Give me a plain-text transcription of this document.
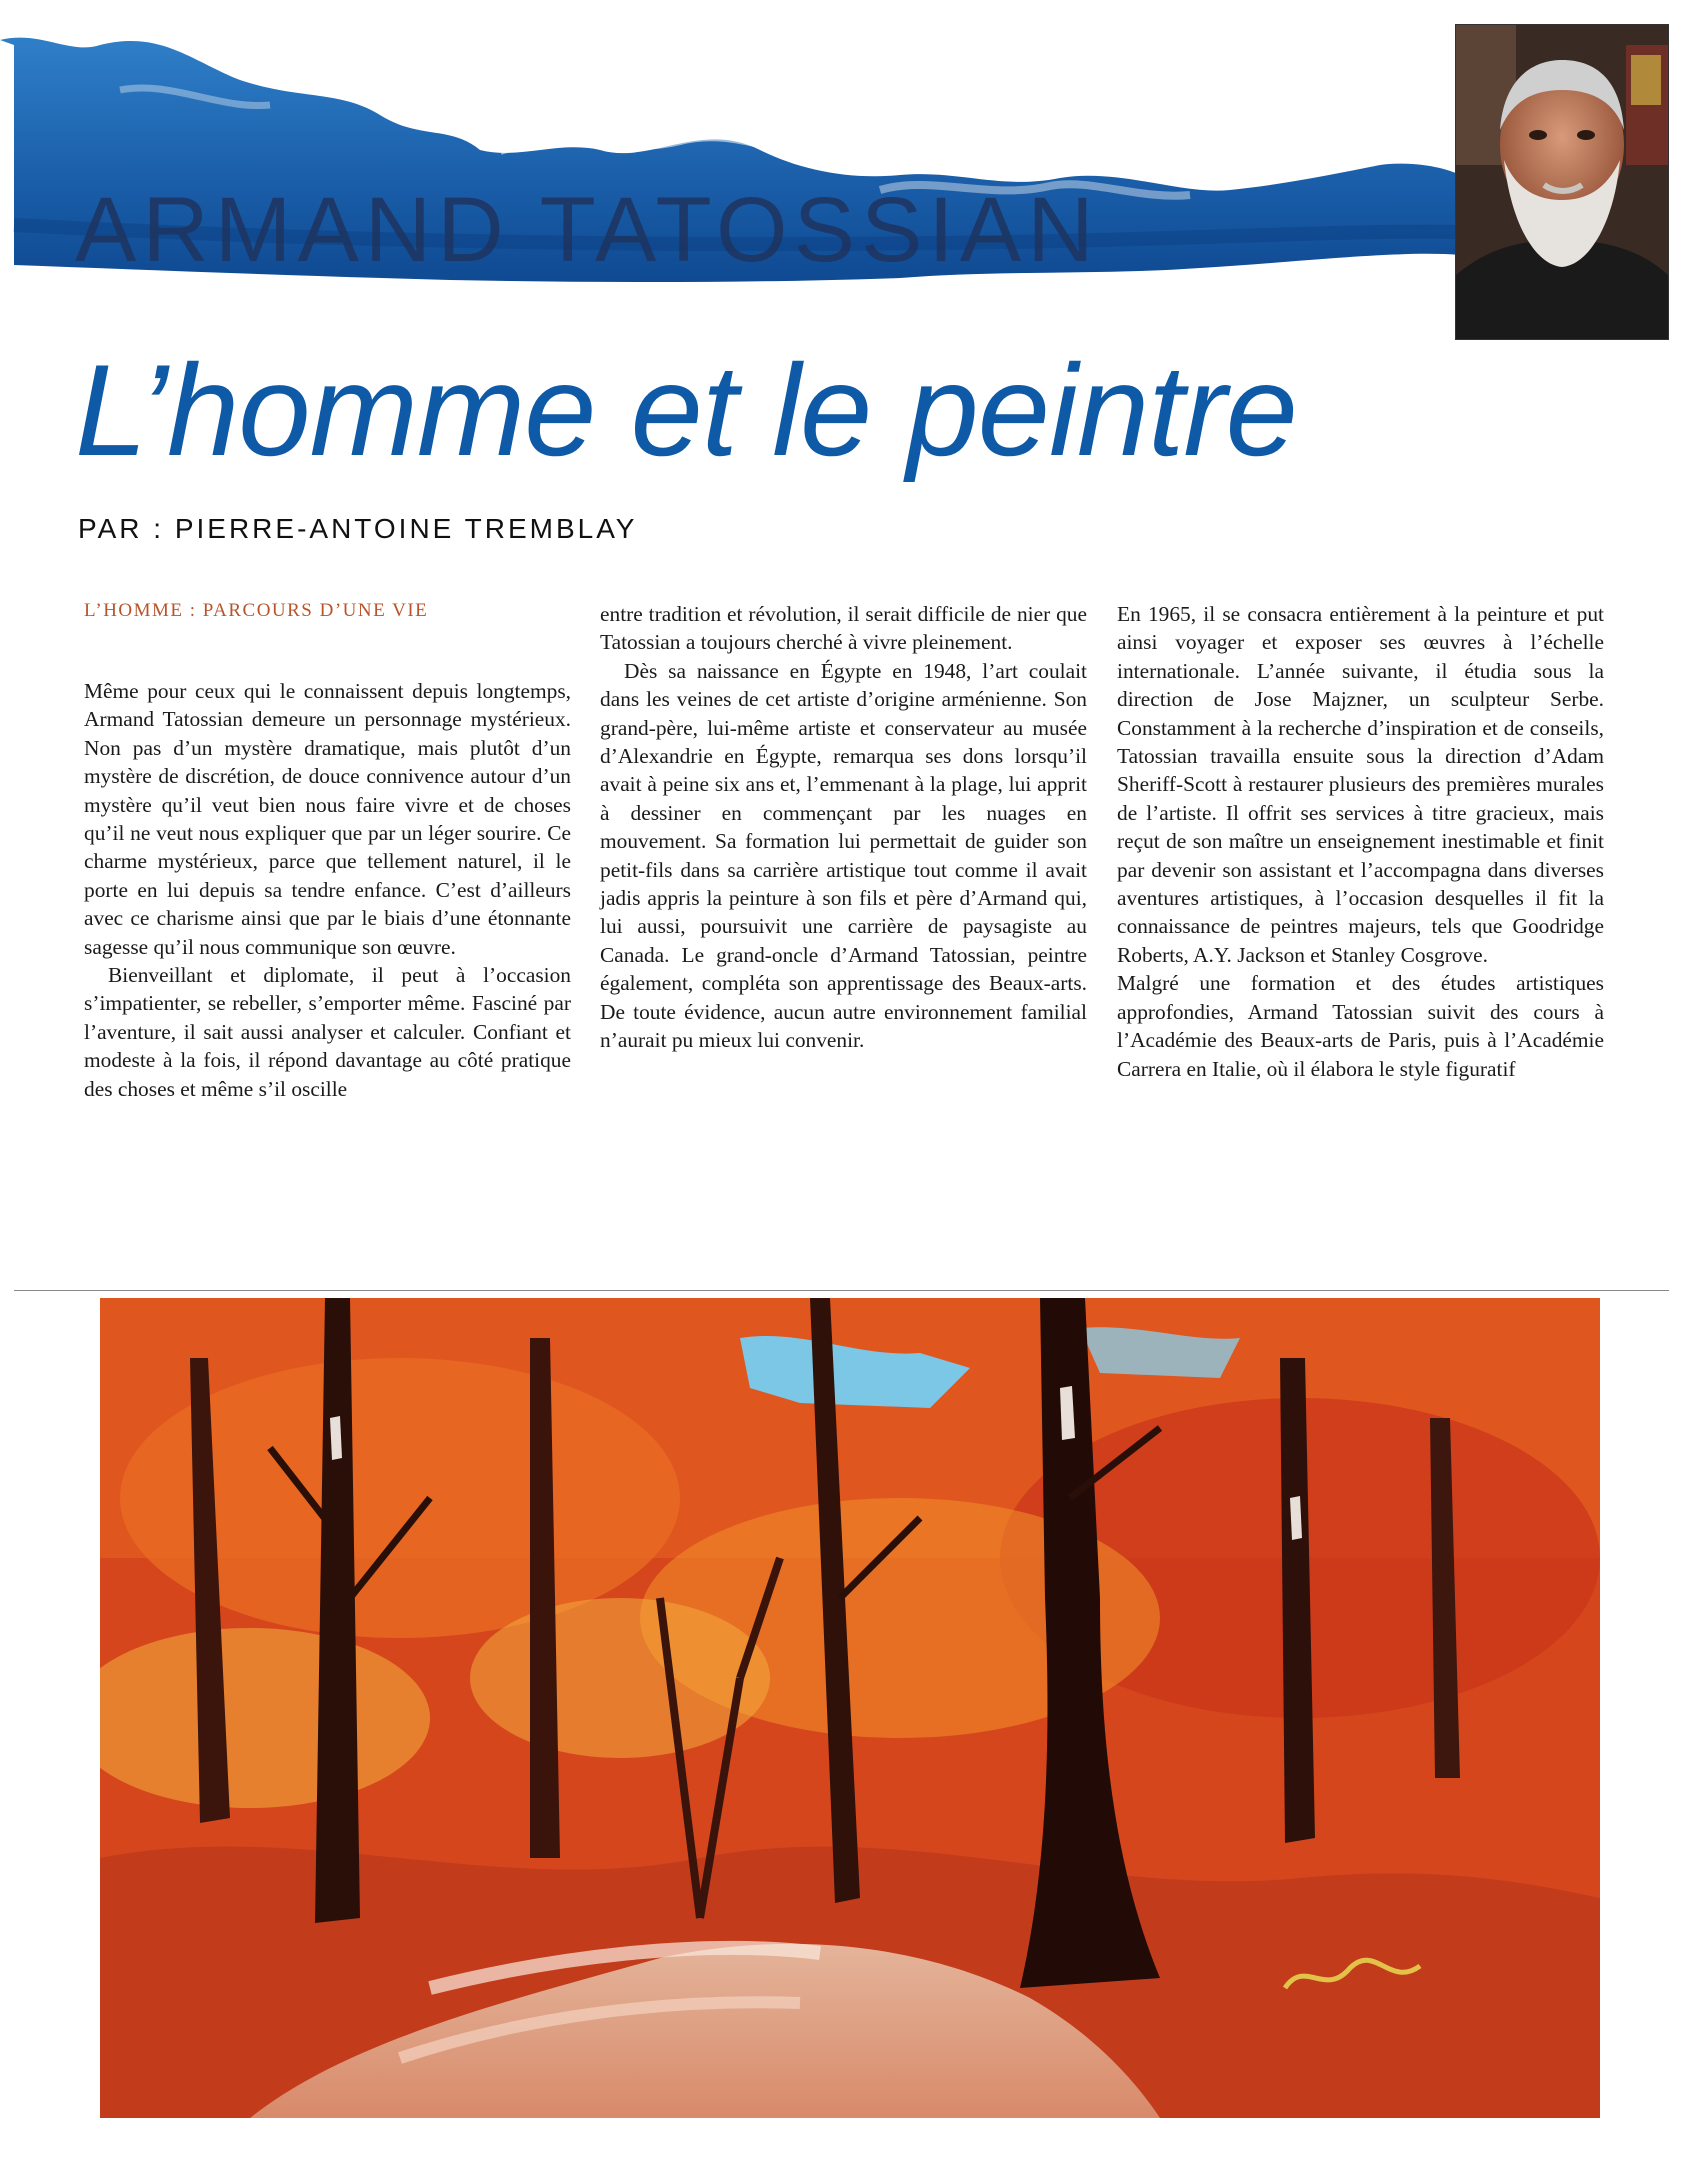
ARMAND TATOSSIAN
L’homme et le peintre
PAR : PIERRE-ANTOINE TREMBLAY
L’HOMME : PARCOURS D’UNE VIE

Même pour ceux qui le connaissent depuis longtemps, Armand Tatossian demeure un personnage mystérieux. Non pas d’un mystère dramatique, mais plutôt d’un mystère de discrétion, de douce connivence autour d’un mystère qu’il veut bien nous faire vivre et de choses qu’il ne veut nous expliquer que par un léger sourire. Ce charme mystérieux, parce que tellement naturel, il le porte en lui depuis sa tendre enfance. C’est d’ailleurs avec ce charisme ainsi que par le biais d’une étonnante sagesse qu’il nous communique son œuvre.

Bienveillant et diplomate, il peut à l’occasion s’impatienter, se rebeller, s’emporter même. Fasciné par l’aventure, il sait aussi analyser et calculer. Confiant et modeste à la fois, il répond davantage au côté pratique des choses et même s’il oscille

entre tradition et révolution, il serait difficile de nier que Tatossian a toujours cherché à vivre pleinement.

Dès sa naissance en Égypte en 1948, l’art coulait dans les veines de cet artiste d’origine arménienne. Son grand-père, lui-même artiste et conservateur au musée d’Alexandrie en Égypte, remarqua ses dons lorsqu’il avait à peine six ans et, l’emmenant à la plage, lui apprit à dessiner en commençant par les nuages en mouvement. Sa formation lui permettait de guider son petit-fils dans sa carrière artistique tout comme il avait jadis appris la peinture à son fils et père d’Armand qui, lui aussi, poursuivit une carrière de paysagiste au Canada. Le grand-oncle d’Armand Tatossian, peintre également, compléta son apprentissage des Beaux-arts. De toute évidence, aucun autre environnement familial n’aurait pu mieux lui convenir.

En 1965, il se consacra entièrement à la peinture et put ainsi voyager et exposer ses œuvres à l’échelle internationale. L’année suivante, il étudia sous la direction de Jose Majzner, un sculpteur Serbe. Constamment à la recherche d’inspiration et de conseils, Tatossian travailla ensuite sous la direction d’Adam Sheriff-Scott à restaurer plusieurs des premières murales de l’artiste. Il offrit ses services à titre gracieux, mais reçut de son maître un enseignement inestimable et finit par devenir son assistant et l’accompagna dans diverses aventures artistiques, à l’occasion desquelles il fit la connaissance de peintres majeurs, tels que Goodridge Roberts, A.Y. Jackson et Stanley Cosgrove.

Malgré une formation et des études artistiques approfondies, Armand Tatossian suivit des cours à l’Académie des Beaux-arts de Paris, puis à l’Académie Carrera en Italie, où il élabora le style figuratif
